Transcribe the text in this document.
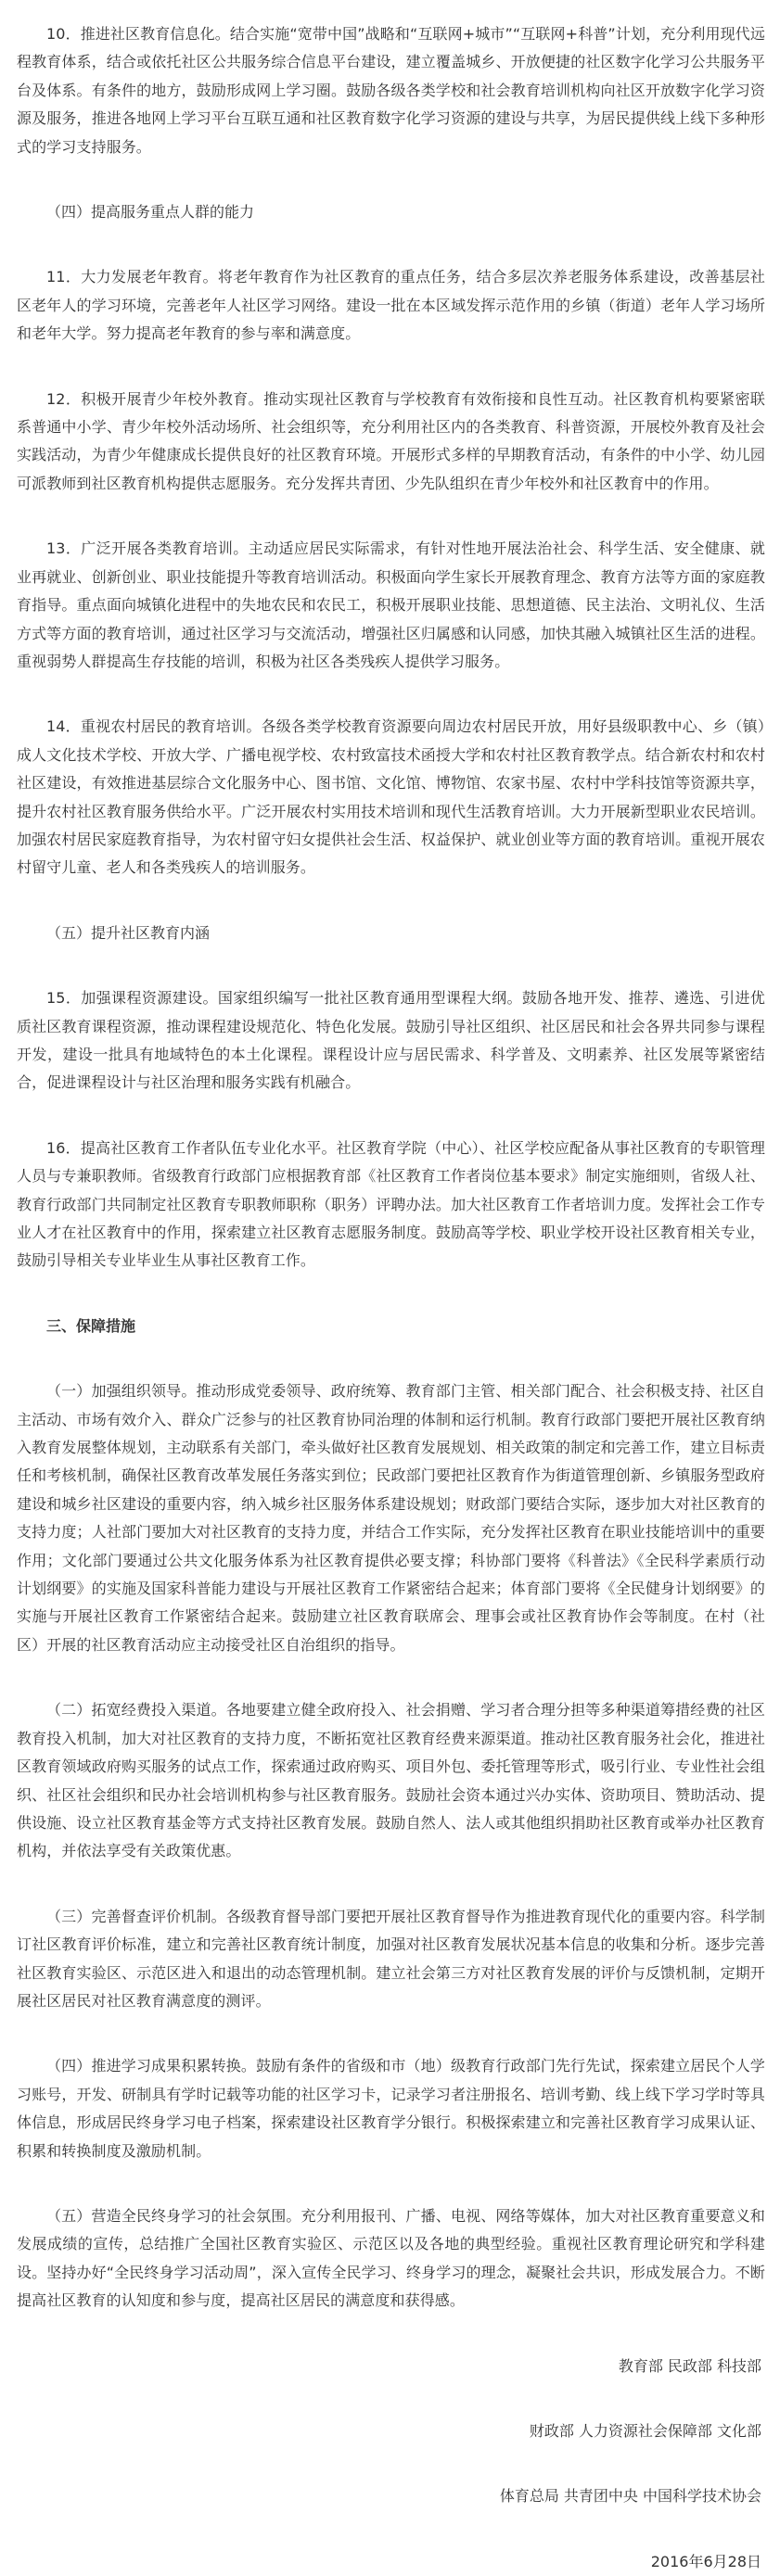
10．推进社区教育信息化。结合实施“宽带中国”战略和“互联网+城市”“互联网+科普”计划，充分利用现代远程教育体系，结合或依托社区公共服务综合信息平台建设，建立覆盖城乡、开放便捷的社区数字化学习公共服务平台及体系。有条件的地方，鼓励形成网上学习圈。鼓励各级各类学校和社会教育培训机构向社区开放数字化学习资源及服务，推进各地网上学习平台互联互通和社区教育数字化学习资源的建设与共享，为居民提供线上线下多种形式的学习支持服务。

（四）提高服务重点人群的能力

11．大力发展老年教育。将老年教育作为社区教育的重点任务，结合多层次养老服务体系建设，改善基层社区老年人的学习环境，完善老年人社区学习网络。建设一批在本区域发挥示范作用的乡镇（街道）老年人学习场所和老年大学。努力提高老年教育的参与率和满意度。

12．积极开展青少年校外教育。推动实现社区教育与学校教育有效衔接和良性互动。社区教育机构要紧密联系普通中小学、青少年校外活动场所、社会组织等，充分利用社区内的各类教育、科普资源，开展校外教育及社会实践活动，为青少年健康成长提供良好的社区教育环境。开展形式多样的早期教育活动，有条件的中小学、幼儿园可派教师到社区教育机构提供志愿服务。充分发挥共青团、少先队组织在青少年校外和社区教育中的作用。

13．广泛开展各类教育培训。主动适应居民实际需求，有针对性地开展法治社会、科学生活、安全健康、就业再就业、创新创业、职业技能提升等教育培训活动。积极面向学生家长开展教育理念、教育方法等方面的家庭教育指导。重点面向城镇化进程中的失地农民和农民工，积极开展职业技能、思想道德、民主法治、文明礼仪、生活方式等方面的教育培训，通过社区学习与交流活动，增强社区归属感和认同感，加快其融入城镇社区生活的进程。重视弱势人群提高生存技能的培训，积极为社区各类残疾人提供学习服务。

14．重视农村居民的教育培训。各级各类学校教育资源要向周边农村居民开放，用好县级职教中心、乡（镇）成人文化技术学校、开放大学、广播电视学校、农村致富技术函授大学和农村社区教育教学点。结合新农村和农村社区建设，有效推进基层综合文化服务中心、图书馆、文化馆、博物馆、农家书屋、农村中学科技馆等资源共享，提升农村社区教育服务供给水平。广泛开展农村实用技术培训和现代生活教育培训。大力开展新型职业农民培训。加强农村居民家庭教育指导，为农村留守妇女提供社会生活、权益保护、就业创业等方面的教育培训。重视开展农村留守儿童、老人和各类残疾人的培训服务。

（五）提升社区教育内涵

15．加强课程资源建设。国家组织编写一批社区教育通用型课程大纲。鼓励各地开发、推荐、遴选、引进优质社区教育课程资源，推动课程建设规范化、特色化发展。鼓励引导社区组织、社区居民和社会各界共同参与课程开发，建设一批具有地域特色的本土化课程。课程设计应与居民需求、科学普及、文明素养、社区发展等紧密结合，促进课程设计与社区治理和服务实践有机融合。

16．提高社区教育工作者队伍专业化水平。社区教育学院（中心）、社区学校应配备从事社区教育的专职管理人员与专兼职教师。省级教育行政部门应根据教育部《社区教育工作者岗位基本要求》制定实施细则，省级人社、教育行政部门共同制定社区教育专职教师职称（职务）评聘办法。加大社区教育工作者培训力度。发挥社会工作专业人才在社区教育中的作用，探索建立社区教育志愿服务制度。鼓励高等学校、职业学校开设社区教育相关专业，鼓励引导相关专业毕业生从事社区教育工作。

三、保障措施

（一）加强组织领导。推动形成党委领导、政府统筹、教育部门主管、相关部门配合、社会积极支持、社区自主活动、市场有效介入、群众广泛参与的社区教育协同治理的体制和运行机制。教育行政部门要把开展社区教育纳入教育发展整体规划，主动联系有关部门，牵头做好社区教育发展规划、相关政策的制定和完善工作，建立目标责任和考核机制，确保社区教育改革发展任务落实到位；民政部门要把社区教育作为街道管理创新、乡镇服务型政府建设和城乡社区建设的重要内容，纳入城乡社区服务体系建设规划；财政部门要结合实际，逐步加大对社区教育的支持力度；人社部门要加大对社区教育的支持力度，并结合工作实际，充分发挥社区教育在职业技能培训中的重要作用；文化部门要通过公共文化服务体系为社区教育提供必要支撑；科协部门要将《科普法》《全民科学素质行动计划纲要》的实施及国家科普能力建设与开展社区教育工作紧密结合起来；体育部门要将《全民健身计划纲要》的实施与开展社区教育工作紧密结合起来。鼓励建立社区教育联席会、理事会或社区教育协作会等制度。在村（社区）开展的社区教育活动应主动接受社区自治组织的指导。

（二）拓宽经费投入渠道。各地要建立健全政府投入、社会捐赠、学习者合理分担等多种渠道筹措经费的社区教育投入机制，加大对社区教育的支持力度，不断拓宽社区教育经费来源渠道。推动社区教育服务社会化，推进社区教育领域政府购买服务的试点工作，探索通过政府购买、项目外包、委托管理等形式，吸引行业、专业性社会组织、社区社会组织和民办社会培训机构参与社区教育服务。鼓励社会资本通过兴办实体、资助项目、赞助活动、提供设施、设立社区教育基金等方式支持社区教育发展。鼓励自然人、法人或其他组织捐助社区教育或举办社区教育机构，并依法享受有关政策优惠。

（三）完善督查评价机制。各级教育督导部门要把开展社区教育督导作为推进教育现代化的重要内容。科学制订社区教育评价标准，建立和完善社区教育统计制度，加强对社区教育发展状况基本信息的收集和分析。逐步完善社区教育实验区、示范区进入和退出的动态管理机制。建立社会第三方对社区教育发展的评价与反馈机制，定期开展社区居民对社区教育满意度的测评。

（四）推进学习成果积累转换。鼓励有条件的省级和市（地）级教育行政部门先行先试，探索建立居民个人学习账号，开发、研制具有学时记载等功能的社区学习卡，记录学习者注册报名、培训考勤、线上线下学习学时等具体信息，形成居民终身学习电子档案，探索建设社区教育学分银行。积极探索建立和完善社区教育学习成果认证、积累和转换制度及激励机制。

（五）营造全民终身学习的社会氛围。充分利用报刊、广播、电视、网络等媒体，加大对社区教育重要意义和发展成绩的宣传，总结推广全国社区教育实验区、示范区以及各地的典型经验。重视社区教育理论研究和学科建设。坚持办好“全民终身学习活动周”，深入宣传全民学习、终身学习的理念，凝聚社会共识，形成发展合力。不断提高社区教育的认知度和参与度，提高社区居民的满意度和获得感。

教育部 民政部 科技部
财政部 人力资源社会保障部 文化部
体育总局 共青团中央 中国科学技术协会
2016年6月28日
